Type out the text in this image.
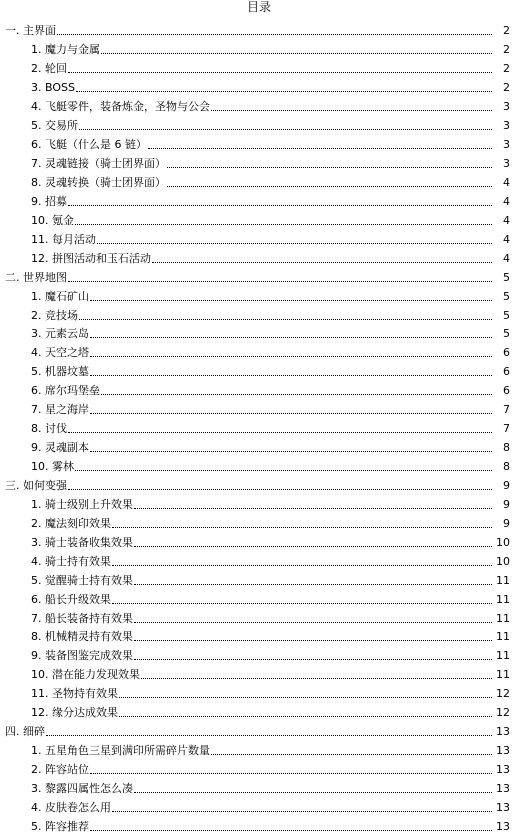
目录
一. 主界面	2
1. 魔力与金属	2
2. 轮回	2
3. BOSS	2
4. 飞艇零件，装备炼金，圣物与公会	3
5. 交易所	3
6. 飞艇（什么是 6 链）	3
7. 灵魂链接（骑士团界面）	3
8. 灵魂转换（骑士团界面）	4
9. 招募	4
10. 氪金	4
11. 每月活动	4
12. 拼图活动和玉石活动	4
二. 世界地图	5
1. 魔石矿山	5
2. 竞技场	5
3. 元素云岛	5
4. 天空之塔	6
5. 机器坟墓	6
6. 席尔玛堡垒	6
7. 星之海岸	7
8. 讨伐	7
9. 灵魂副本	8
10. 雾林	8
三. 如何变强	9
1. 骑士级别上升效果	9
2. 魔法刻印效果	9
3. 骑士装备收集效果	10
4. 骑士持有效果	10
5. 觉醒骑士持有效果	11
6. 船长升级效果	11
7. 船长装备持有效果	11
8. 机械精灵持有效果	11
9. 装备图鉴完成效果	11
10. 潜在能力发现效果	11
11. 圣物持有效果	12
12. 缘分达成效果	12
四. 细碎	13
1. 五星角色三星到满印所需碎片数量	13
2. 阵容站位	13
3. 黎露四属性怎么凑	13
4. 皮肤卷怎么用	13
5. 阵容推荐	13
